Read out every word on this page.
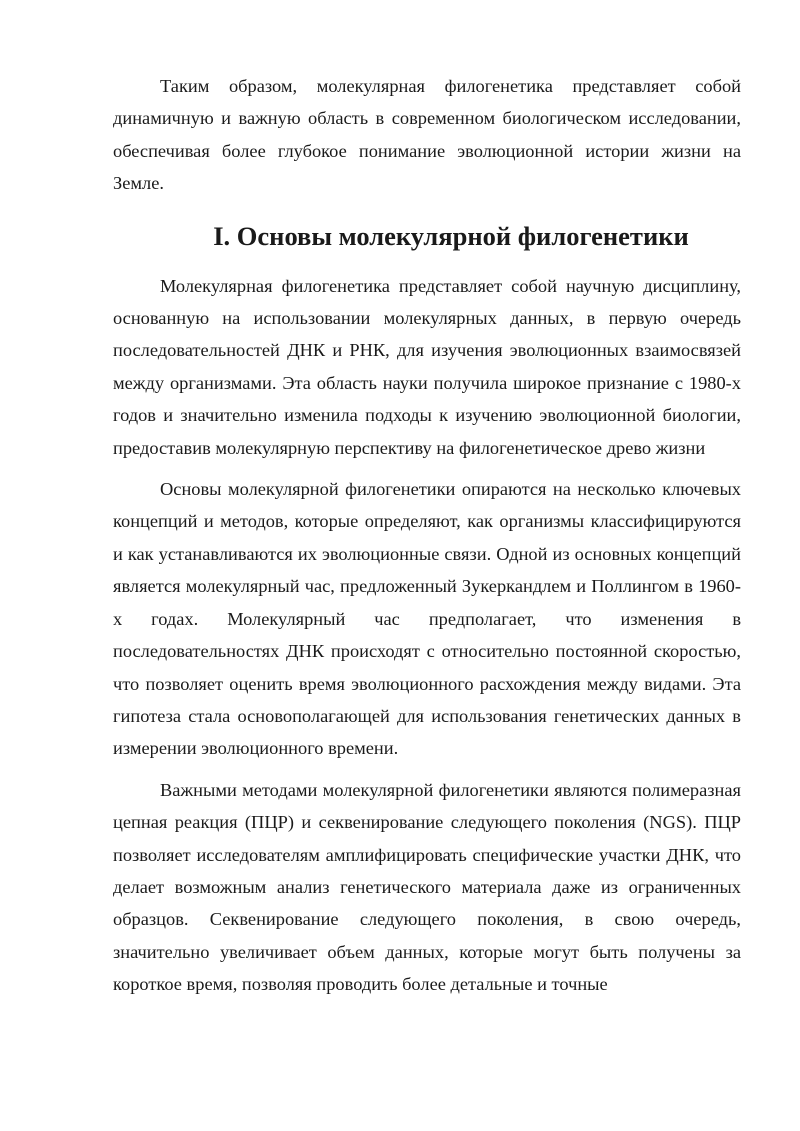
Таким образом, молекулярная филогенетика представляет собой динамичную и важную область в современном биологическом исследовании, обеспечивая более глубокое понимание эволюционной истории жизни на Земле.

I. Основы молекулярной филогенетики

Молекулярная филогенетика представляет собой научную дисциплину, основанную на использовании молекулярных данных, в первую очередь последовательностей ДНК и РНК, для изучения эволюционных взаимосвязей между организмами. Эта область науки получила широкое признание с 1980-х годов и значительно изменила подходы к изучению эволюционной биологии, предоставив молекулярную перспективу на филогенетическое древо жизни

Основы молекулярной филогенетики опираются на несколько ключевых концепций и методов, которые определяют, как организмы классифицируются и как устанавливаются их эволюционные связи. Одной из основных концепций является молекулярный час, предложенный Зукеркандлем и Поллингом в 1960-х годах. Молекулярный час предполагает, что изменения в последовательностях ДНК происходят с относительно постоянной скоростью, что позволяет оценить время эволюционного расхождения между видами. Эта гипотеза стала основополагающей для использования генетических данных в измерении эволюционного времени.

Важными методами молекулярной филогенетики являются полимеразная цепная реакция (ПЦР) и секвенирование следующего поколения (NGS). ПЦР позволяет исследователям амплифицировать специфические участки ДНК, что делает возможным анализ генетического материала даже из ограниченных образцов. Секвенирование следующего поколения, в свою очередь, значительно увеличивает объем данных, которые могут быть получены за короткое время, позволяя проводить более детальные и точные
